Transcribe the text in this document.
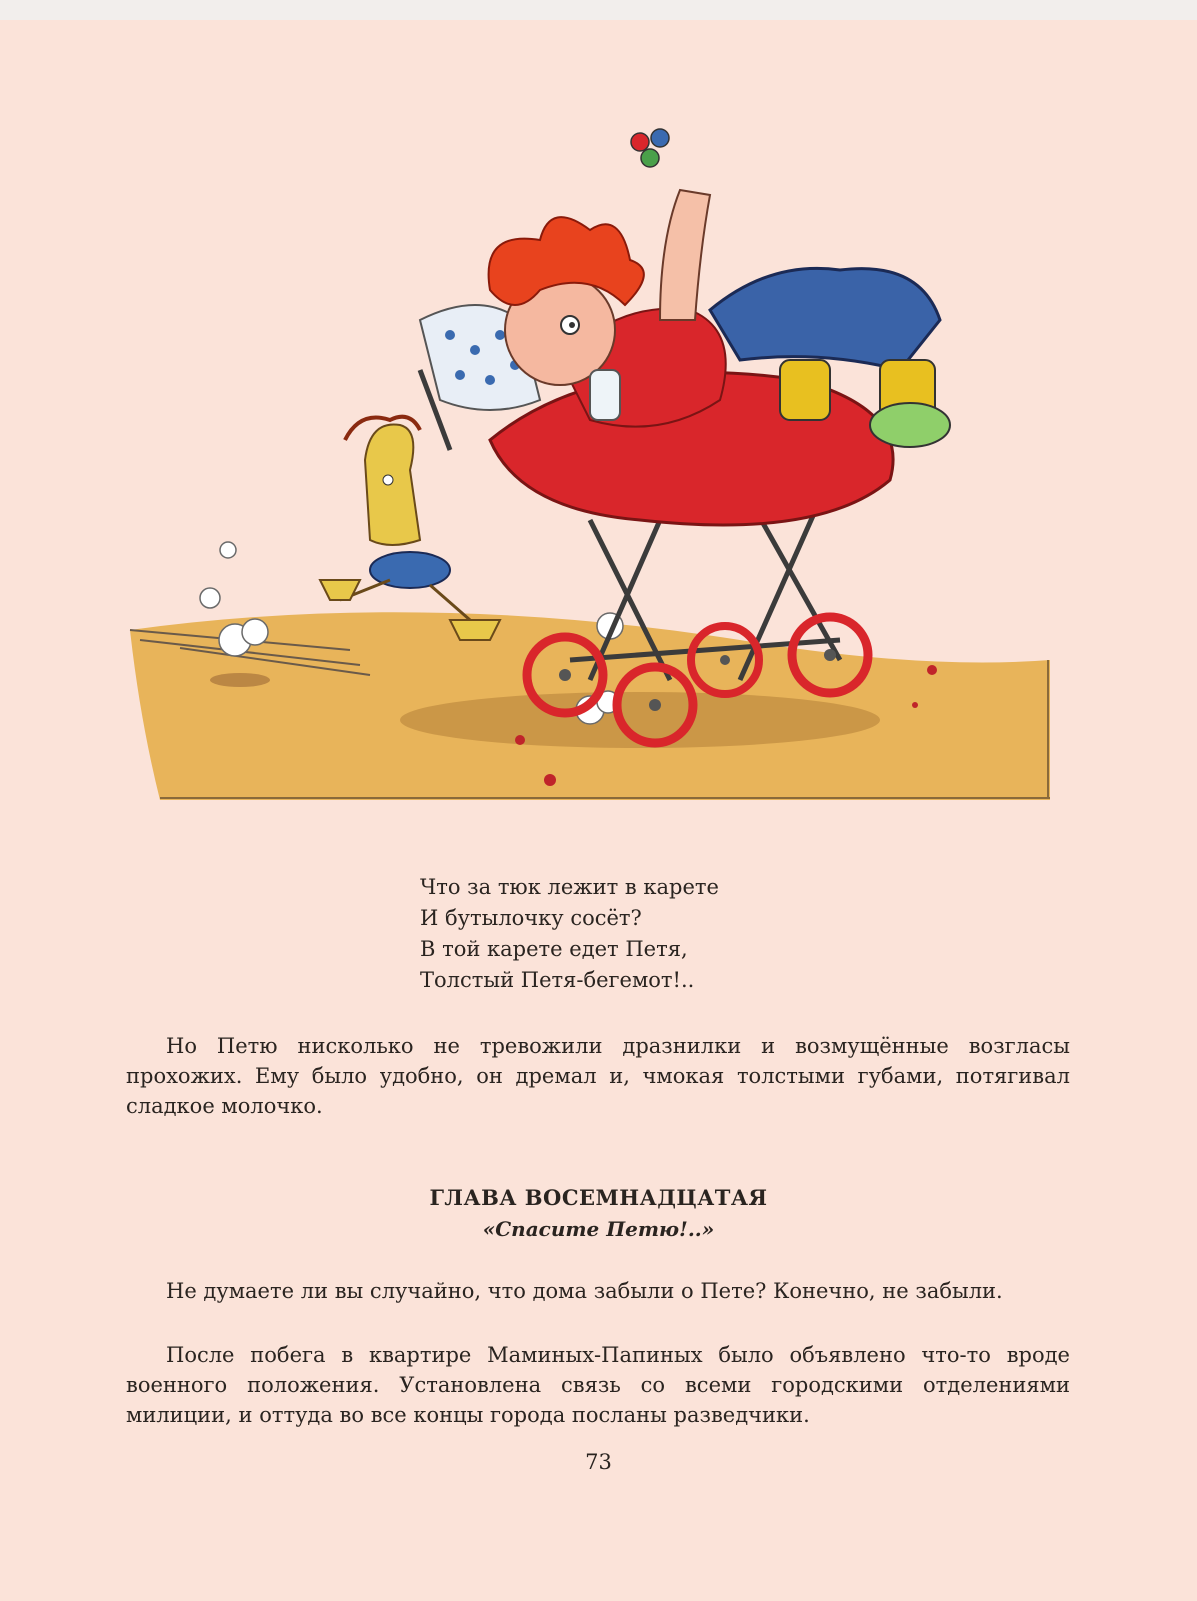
Что за тюк лежит в карете
И бутылочку сосёт?
В той карете едет Петя,
Толстый Петя-бегемот!..
Но Петю нисколько не тревожили дразнилки и возмущённые возгласы прохожих. Ему было удобно, он дремал и, чмокая толстыми губами, потягивал сладкое молочко.
ГЛАВА ВОСЕМНАДЦАТАЯ
«Спасите Петю!..»
Не думаете ли вы случайно, что дома забыли о Пете? Конечно, не забыли.
После побега в квартире Маминых-Папиных было объявлено что-то вроде военного положения. Установлена связь со всеми городскими отделениями милиции, и оттуда во все концы города посланы разведчики.
73
